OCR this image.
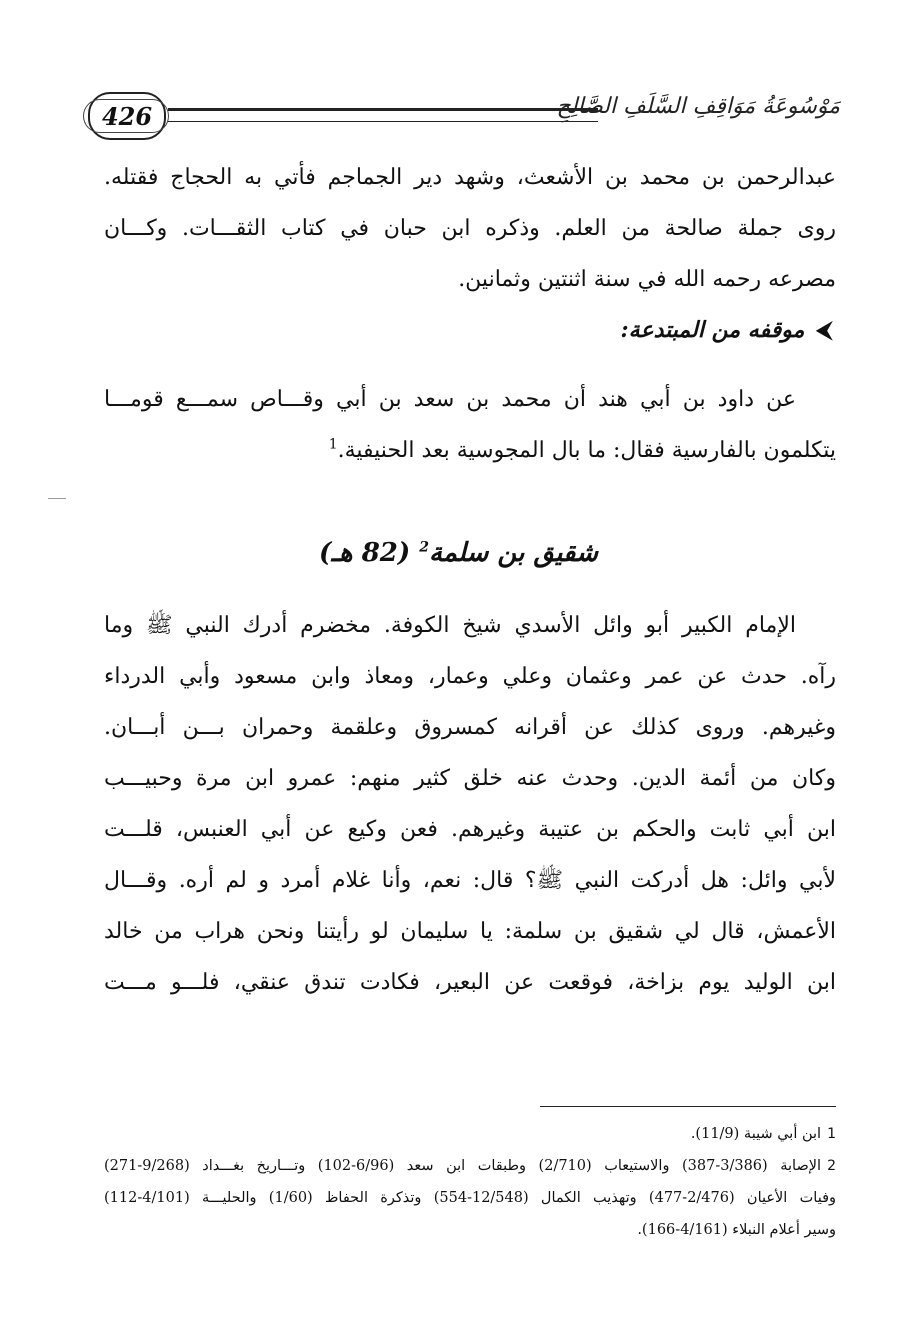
426	مَوْسُوعَةُ مَوَاقِفِ السَّلَفِ الصَّالِحِ
عبدالرحمن بن محمد بن الأشعث، وشهد دير الجماجم فأتي به الحجاج فقتله.
روى جملة صالحة من العلم. وذكره ابن حبان في كتاب الثقـــات. وكـــان
مصرعه رحمه الله في سنة اثنتين وثمانين.
⮜
موقفه من المبتدعة:
عن داود بن أبي هند أن محمد بن سعد بن أبي وقـــاص سمـــع قومـــا
يتكلمون بالفارسية فقال: ما بال المجوسية بعد الحنيفية.$^1$
شقيق بن سلمة$^2$ (82 هـ)
الإمام الكبير أبو وائل الأسدي شيخ الكوفة. مخضرم أدرك النبي ﷺ وما
رآه. حدث عن عمر وعثمان وعلي وعمار، ومعاذ وابن مسعود وأبي الدرداء
وغيرهم. وروى كذلك عن أقرانه كمسروق وعلقمة وحمران بـــن أبـــان.
وكان من أئمة الدين. وحدث عنه خلق كثير منهم: عمرو ابن مرة وحبيـــب
ابن أبي ثابت والحكم بن عتيبة وغيرهم. فعن وكيع عن أبي العنبس، قلـــت
لأبي وائل: هل أدركت النبي ﷺ؟ قال: نعم، وأنا غلام أمرد و لم أره. وقـــال
الأعمش، قال لي شقيق بن سلمة: يا سليمان لو رأيتنا ونحن هراب من خالد
ابن الوليد يوم بزاخة، فوقعت عن البعير، فكادت تندق عنقي، فلـــو مـــت
1ابن أبي شيبة (11/9).
2الإصابة (3/386-387) والاستيعاب (2/710) وطبقات ابن سعد (6/96-102) وتـــاريخ بغـــداد (9/268-271)
وفيات الأعيان (2/476-477) وتهذيب الكمال (12/548-554) وتذكرة الحفاظ (1/60) والحليـــة (4/101-112)
وسير أعلام النبلاء (4/161-166).
